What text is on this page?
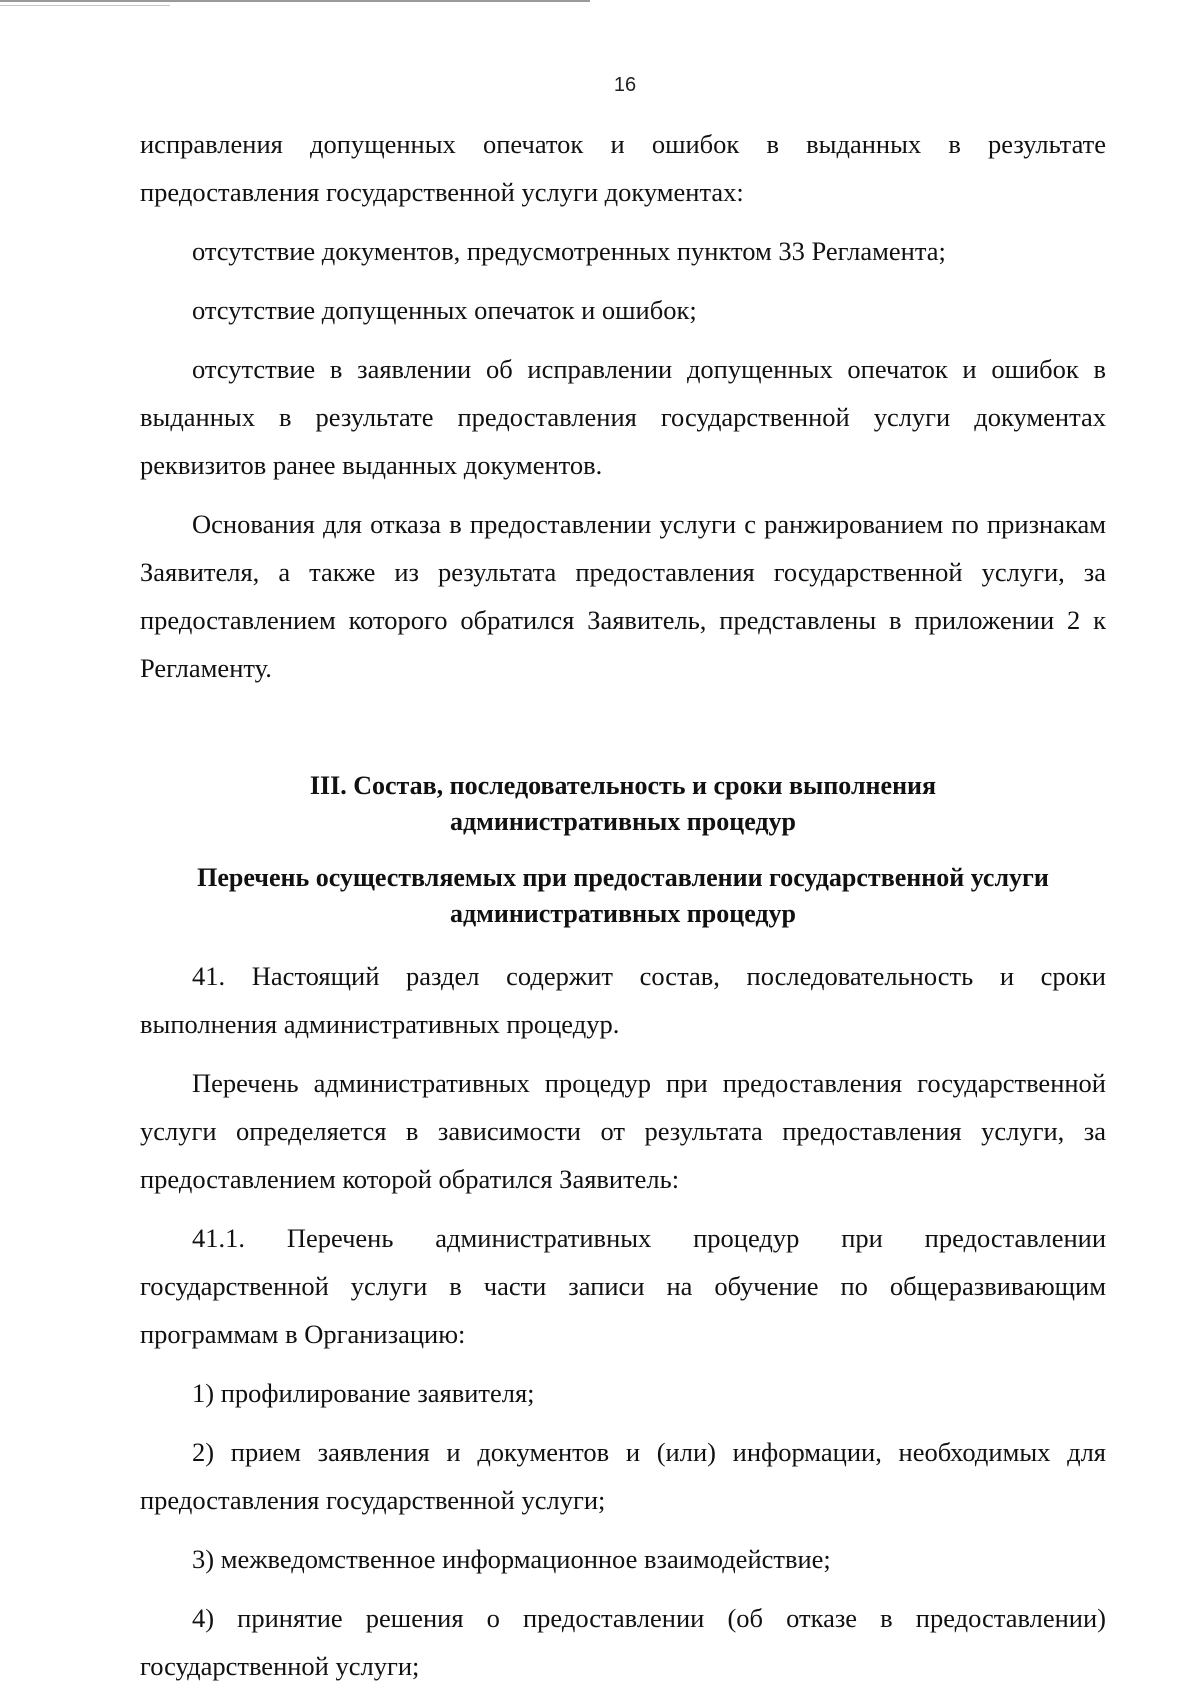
16

исправления допущенных опечаток и ошибок в выданных в результате предоставления государственной услуги документах:

отсутствие документов, предусмотренных пунктом 33 Регламента;

отсутствие допущенных опечаток и ошибок;

отсутствие в заявлении об исправлении допущенных опечаток и ошибок в выданных в результате предоставления государственной услуги документах реквизитов ранее выданных документов.

Основания для отказа в предоставлении услуги с ранжированием по признакам Заявителя, а также из результата предоставления государственной услуги, за предоставлением которого обратился Заявитель, представлены в приложении 2 к Регламенту.

III. Состав, последовательность и сроки выполнения
административных процедур
Перечень осуществляемых при предоставлении государственной услуги
административных процедур

41. Настоящий раздел содержит состав, последовательность и сроки выполнения административных процедур.

Перечень административных процедур при предоставления государственной услуги определяется в зависимости от результата предоставления услуги, за предоставлением которой обратился Заявитель:

41.1. Перечень административных процедур при предоставлении государственной услуги в части записи на обучение по общеразвивающим программам в Организацию:

1) профилирование заявителя;

2) прием заявления и документов и (или) информации, необходимых для предоставления государственной услуги;

3) межведомственное информационное взаимодействие;

4) принятие решения о предоставлении (об отказе в предоставлении) государственной услуги;
